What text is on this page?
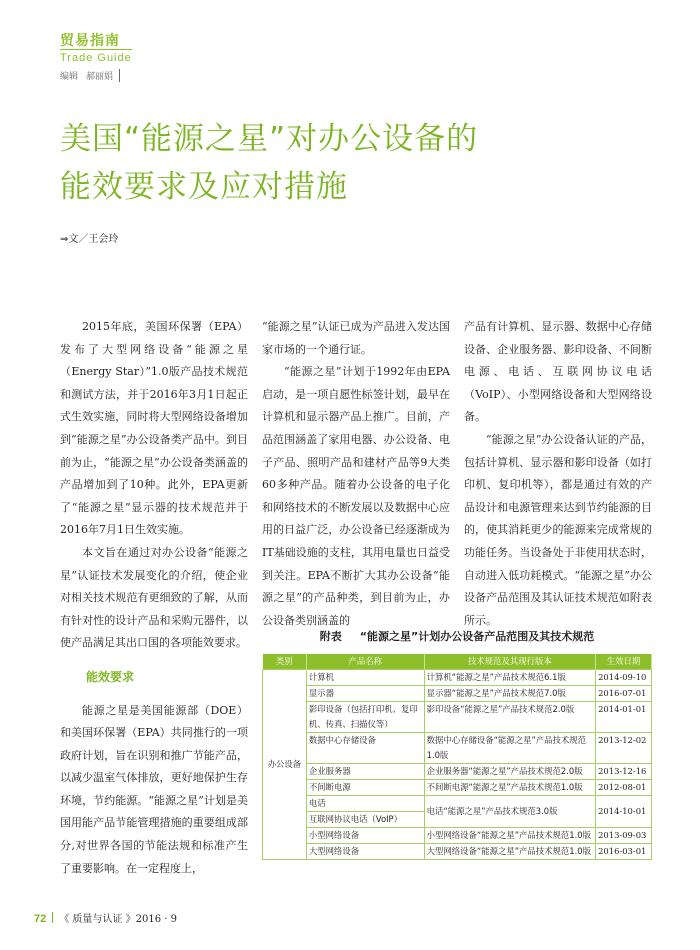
贸易指南
Trade Guide
编辑 郝丽娟
美国“能源之星”对办公设备的
能效要求及应对措施
⇒文／王会玲

2015年底，美国环保署（EPA）发布了大型网络设备“能源之星（Energy Star）”1.0版产品技术规范和测试方法，并于2016年3月1日起正式生效实施，同时将大型网络设备增加到“能源之星”办公设备类产品中。到目前为止，“能源之星”办公设备类涵盖的产品增加到了10种。此外，EPA更新了“能源之星”显示器的技术规范并于2016年7月1日生效实施。

本文旨在通过对办公设备“能源之星”认证技术发展变化的介绍，使企业对相关技术规范有更细致的了解，从而有针对性的设计产品和采购元器件，以使产品满足其出口国的各项能效要求。

能效要求

能源之星是美国能源部（DOE）和美国环保署（EPA）共同推行的一项政府计划，旨在识别和推广节能产品，以减少温室气体排放，更好地保护生存环境，节约能源。“能源之星”计划是美国用能产品节能管理措施的重要组成部分,对世界各国的节能法规和标准产生了重要影响。在一定程度上，

“能源之星”认证已成为产品进入发达国家市场的一个通行证。

“能源之星”计划于1992年由EPA启动，是一项自愿性标签计划，最早在计算机和显示器产品上推广。目前，产品范围涵盖了家用电器、办公设备、电子产品、照明产品和建材产品等9大类60多种产品。随着办公设备的电子化和网络技术的不断发展以及数据中心应用的日益广泛，办公设备已经逐渐成为IT基础设施的支柱，其用电量也日益受到关注。EPA不断扩大其办公设备“能源之星”的产品种类，到目前为止，办公设备类别涵盖的

产品有计算机、显示器、数据中心存储设备、企业服务器、影印设备、不间断电源、电话、互联网协议电话（VoIP）、小型网络设备和大型网络设备。

“能源之星”办公设备认证的产品，包括计算机、显示器和影印设备（如打印机、复印机等），都是通过有效的产品设计和电源管理来达到节约能源的目的，使其消耗更少的能源来完成常规的功能任务。当设备处于非使用状态时，自动进入低功耗模式。“能源之星”办公设备产品范围及其认证技术规范如附表所示。

附表 “能源之星”计划办公设备产品范围及其技术规范
类别	产品名称	技术规范及其现行版本	生效日期
办公设备	计算机	计算机“能源之星”产品技术规范6.1版	2014-09-10
	显示器	显示器“能源之星”产品技术规范7.0版	2016-07-01
	影印设备（包括打印机、复印机、传真、扫描仪等）	影印设备“能源之星”产品技术规范2.0版	2014-01-01
	数据中心存储设备	数据中心存储设备“能源之星”产品技术规范1.0版	2013-12-02
	企业服务器	企业服务器“能源之星”产品技术规范2.0版	2013-12-16
	不间断电源	不间断电源“能源之星”产品技术规范1.0版	2012-08-01
	电话	电话“能源之星”产品技术规范3.0版	2014-10-01
	互联网协议电话（VoIP）		
	小型网络设备	小型网络设备“能源之星”产品技术规范1.0版	2013-09-03
	大型网络设备	大型网络设备“能源之星”产品技术规范1.0版	2016-03-01
72 《 质量与认证 》2016 · 9
